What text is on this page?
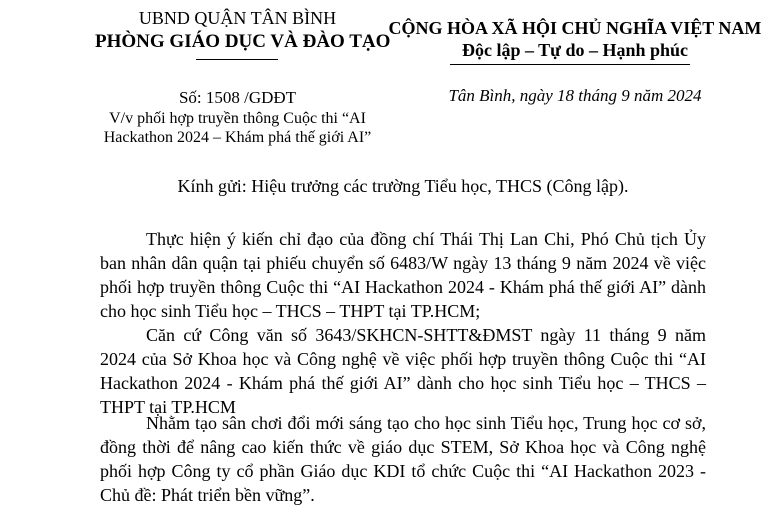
UBND QUẬN TÂN BÌNH
PHÒNG GIÁO DỤC VÀ ĐÀO TẠO
Số: 1508 /GDĐT
V/v phối hợp truyền thông Cuộc thi “AI
Hackathon 2024 – Khám phá thế giới AI”
CỘNG HÒA XÃ HỘI CHỦ NGHĨA VIỆT NAM
Độc lập – Tự do – Hạnh phúc
Tân Bình, ngày 18 tháng 9 năm 2024
Kính gửi: Hiệu trưởng các trường Tiểu học, THCS (Công lập).
Thực hiện ý kiến chỉ đạo của đồng chí Thái Thị Lan Chi, Phó Chủ tịch Ủy ban nhân dân quận tại phiếu chuyển số 6483/W ngày 13 tháng 9 năm 2024 về việc phối hợp truyền thông Cuộc thi “AI Hackathon 2024 - Khám phá thế giới AI” dành cho học sinh Tiểu học – THCS – THPT tại TP.HCM;
Căn cứ Công văn số 3643/SKHCN-SHTT&ĐMST ngày 11 tháng 9 năm 2024 của Sở Khoa học và Công nghệ về việc phối hợp truyền thông Cuộc thi “AI Hackathon 2024 - Khám phá thế giới AI” dành cho học sinh Tiểu học – THCS – THPT tại TP.HCM
Nhằm tạo sân chơi đổi mới sáng tạo cho học sinh Tiểu học, Trung học cơ sở, đồng thời để nâng cao kiến thức về giáo dục STEM, Sở Khoa học và Công nghệ phối hợp Công ty cổ phần Giáo dục KDI tổ chức Cuộc thi “AI Hackathon 2023 - Chủ đề: Phát triển bền vững”.
